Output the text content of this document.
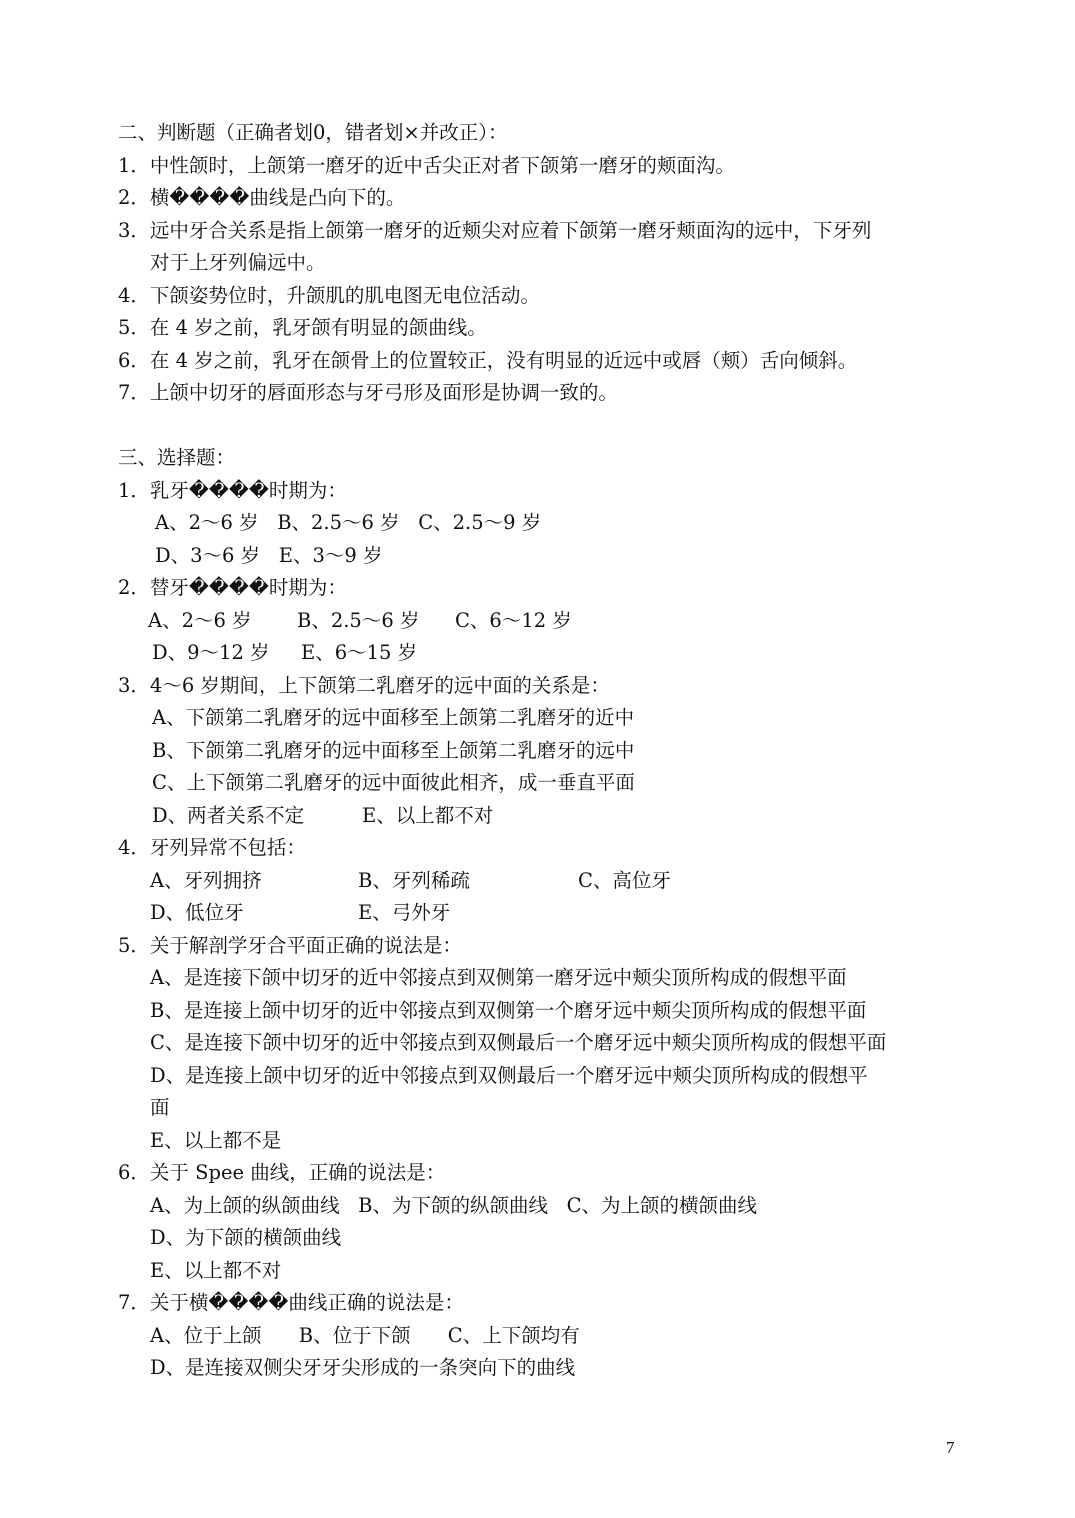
二、判断题（正确者划0，错者划×并改正）：
1．中性颌时，上颌第一磨牙的近中舌尖正对者下颌第一磨牙的颊面沟。
2．横����曲线是凸向下的。
3．远中牙合关系是指上颌第一磨牙的近颊尖对应着下颌第一磨牙颊面沟的远中，下牙列
对于上牙列偏远中。
4．下颌姿势位时，升颌肌的肌电图无电位活动。
5．在 4 岁之前，乳牙颌有明显的颌曲线。
6．在 4 岁之前，乳牙在颌骨上的位置较正，没有明显的近远中或唇（颊）舌向倾斜。
7．上颌中切牙的唇面形态与牙弓形及面形是协调一致的。
三、选择题：
1．乳牙����时期为：
A、2～6 岁   B、2.5～6 岁   C、2.5～9 岁
D、3～6 岁   E、3～9 岁
2．替牙����时期为：
A、2～6 岁 B、2.5～6 岁 C、6～12 岁
D、9～12 岁 E、6～15 岁
3．4～6 岁期间，上下颌第二乳磨牙的远中面的关系是：
A、下颌第二乳磨牙的远中面移至上颌第二乳磨牙的近中
B、下颌第二乳磨牙的远中面移至上颌第二乳磨牙的远中
C、上下颌第二乳磨牙的远中面彼此相齐，成一垂直平面
D、两者关系不定	E、以上都不对
4．牙列异常不包括：
A、牙列拥挤	B、牙列稀疏	C、高位牙
D、低位牙	E、弓外牙
5．关于解剖学牙合平面正确的说法是：
A、是连接下颌中切牙的近中邻接点到双侧第一磨牙远中颊尖顶所构成的假想平面
B、是连接上颌中切牙的近中邻接点到双侧第一个磨牙远中颊尖顶所构成的假想平面
C、是连接下颌中切牙的近中邻接点到双侧最后一个磨牙远中颊尖顶所构成的假想平面
D、是连接上颌中切牙的近中邻接点到双侧最后一个磨牙远中颊尖顶所构成的假想平
面
E、以上都不是
6．关于 Spee 曲线，正确的说法是：
A、为上颌的纵颌曲线   B、为下颌的纵颌曲线   C、为上颌的横颌曲线
D、为下颌的横颌曲线
E、以上都不对
7．关于横����曲线正确的说法是：
A、位于上颌      B、位于下颌      C、上下颌均有
D、是连接双侧尖牙牙尖形成的一条突向下的曲线
7
